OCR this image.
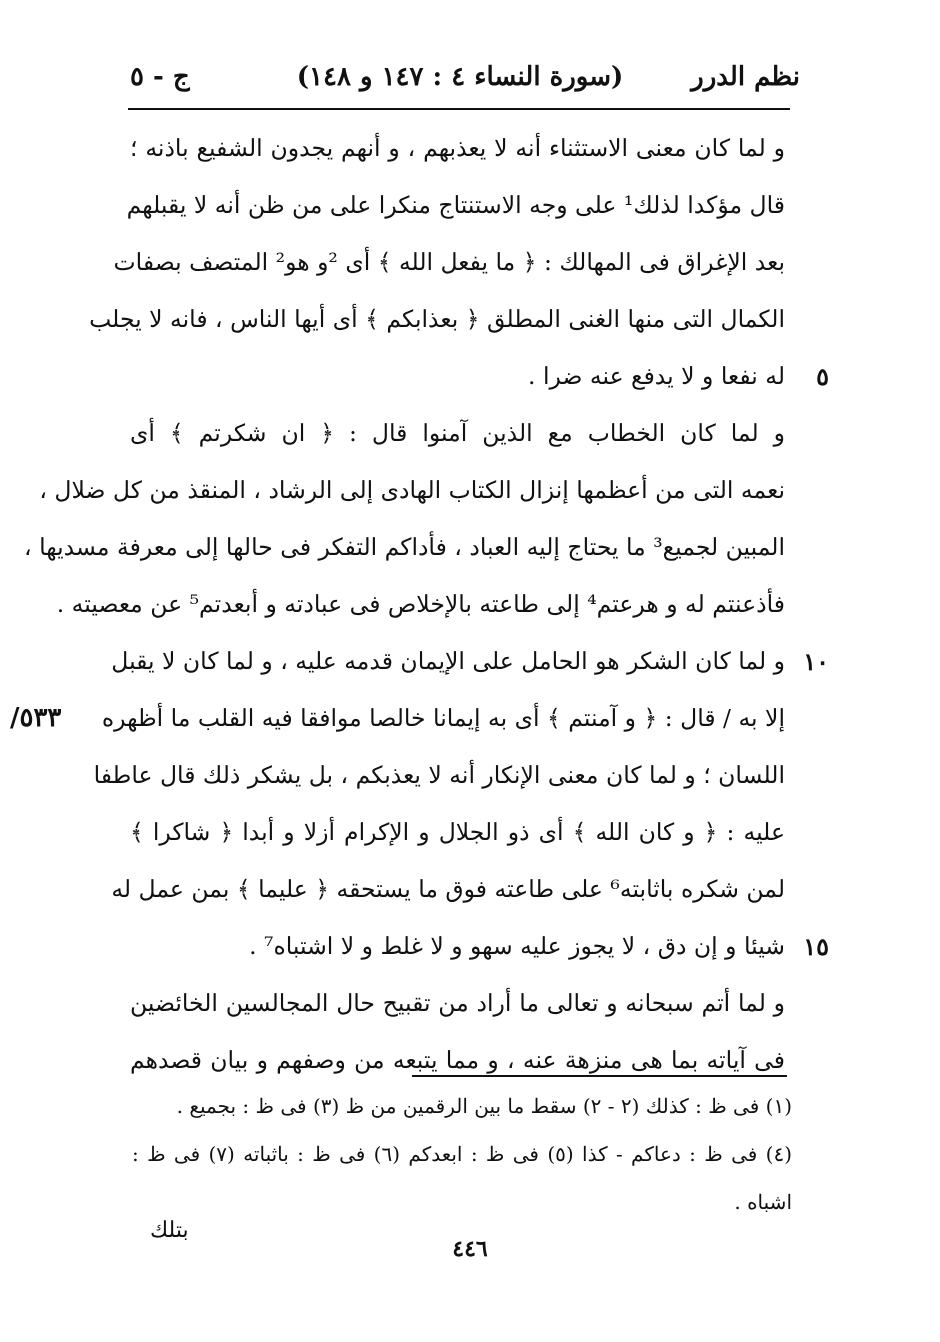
نظم الدرر
(سورة النساء ٤ : ١٤٧ و ١٤٨)
ج - ٥
و لما كان معنى الاستثناء أنه لا يعذبهم ، و أنهم يجدون الشفيع باذنه ؛
قال مؤكدا لذلك¹ على وجه الاستنتاج منكرا على من ظن أنه لا يقبلهم
بعد الإغراق فى المهالك : ﴿ ما يفعل الله ﴾ أى ²و هو² المتصف بصفات
الكمال التى منها الغنى المطلق ﴿ بعذابكم ﴾ أى أيها الناس ، فانه لا يجلب
٥
له نفعا و لا يدفع عنه ضرا .
و لما كان الخطاب مع الذين آمنوا قال : ﴿ ان شكرتم ﴾ أى
نعمه التى من أعظمها إنزال الكتاب الهادى إلى الرشاد ، المنقذ من كل ضلال ،
المبين لجميع³ ما يحتاج إليه العباد ، فأداكم التفكر فى حالها إلى معرفة مسديها ،
فأذعنتم له و هرعتم⁴ إلى طاعته بالإخلاص فى عبادته و أبعدتم⁵ عن معصيته .
١٠
و لما كان الشكر هو الحامل على الإيمان قدمه عليه ، و لما كان لا يقبل
٥٣٣/ إلا به / قال : ﴿ و آمنتم ﴾ أى به إيمانا خالصا موافقا فيه القلب ما أظهره
اللسان ؛ و لما كان معنى الإنكار أنه لا يعذبكم ، بل يشكر ذلك قال عاطفا
عليه : ﴿ و كان الله ﴾ أى ذو الجلال و الإكرام أزلا و أبدا ﴿ شاكرا ﴾
لمن شكره باثابته⁶ على طاعته فوق ما يستحقه ﴿ عليما ﴾ بمن عمل له
١٥
شيئا و إن دق ، لا يجوز عليه سهو و لا غلط و لا اشتباه⁷ .
و لما أتم سبحانه و تعالى ما أراد من تقبيح حال المجالسين الخائضين
فى آياته بما هى منزهة عنه ، و مما يتبعه من وصفهم و بيان قصدهم
(١) فى ظ : كذلك (٢ - ٢) سقط ما بين الرقمين من ظ (٣) فى ظ : بجميع .
(٤) فى ظ : دعاكم - كذا (٥) فى ظ : ابعدكم (٦) فى ظ : باثباته (٧) فى ظ :
اشباه .
بتلك
٤٤٦
